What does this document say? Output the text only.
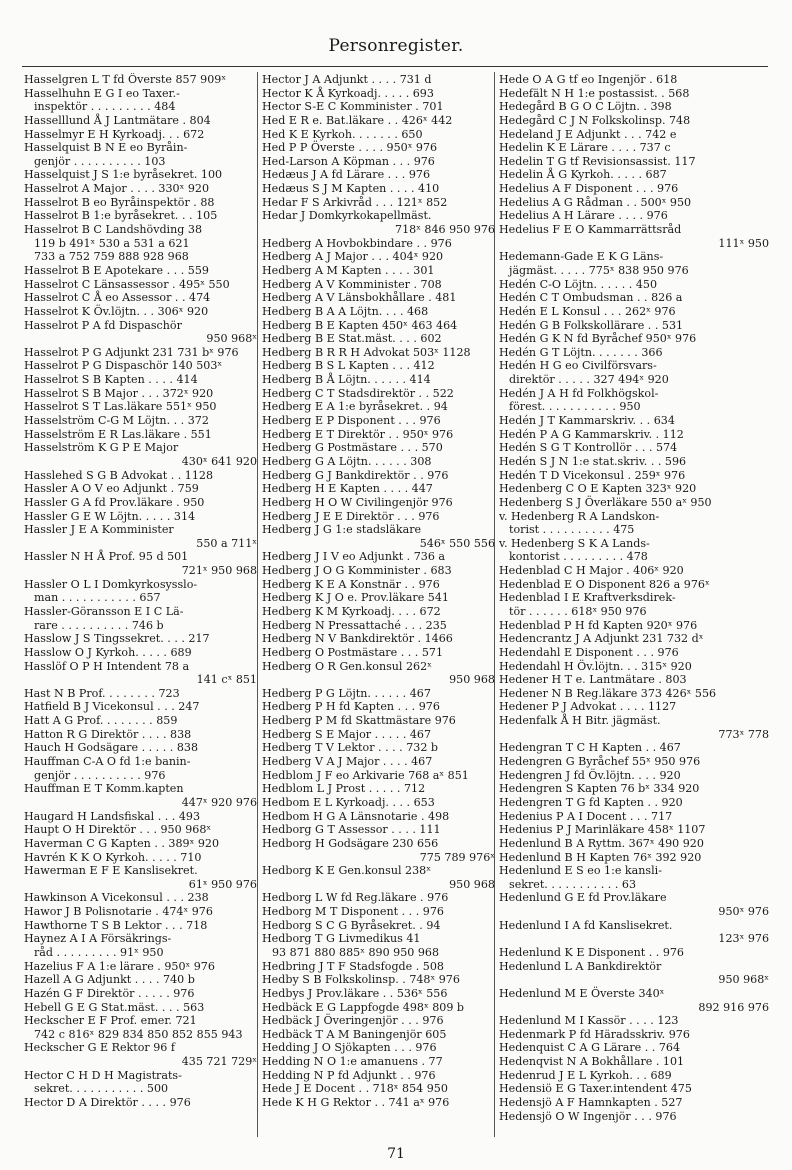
Personregister.
Hasselgren L T fd Överste 857 909ˣ
Hasselhuhn E G I eo Taxer.-
inspektör . . . . . . . . . 484
Hasselllund Å J Lantmätare . 804
Hasselmyr E H Kyrkoadj. . . 672
Hasselquist B N E eo Byråin-
genjör . . . . . . . . . . 103
Hasselquist J S 1:e byråsekret. 100
Hasselrot A Major . . . . 330ˣ 920
Hasselrot B eo Byråinspektör . 88
Hasselrot B 1:e byråsekret. . . 105
Hasselrot B C Landshövding 38
119 b 491ˣ 530 a 531 a 621
733 a 752 759 888 928 968
Hasselrot B E Apotekare . . . 559
Hasselrot C Länsassessor . 495ˣ 550
Hasselrot C Å eo Assessor . . 474
Hasselrot K Öv.löjtn. . . 306ˣ 920
Hasselrot P A fd Dispaschör
950 968ˣ
Hasselrot P G Adjunkt 231 731 bˣ 976
Hasselrot P G Dispaschör 140 503ˣ
Hasselrot S B Kapten . . . . 414
Hasselrot S B Major . . . 372ˣ 920
Hasselrot S T Las.läkare 551ˣ 950
Hasselström C-G M Löjtn. . . 372
Hasselström E R Las.läkare . 551
Hasselström K G P E Major
430ˣ 641 920
Hasslehed S G B Advokat . . 1128
Hassler A O V eo Adjunkt . 759
Hassler G A fd Prov.läkare . 950
Hassler G E W Löjtn. . . . . 314
Hassler J E A Komminister
550 a 711ˣ
Hassler N H Å Prof. 95 d 501
721ˣ 950 968
Hassler O L I Domkyrkosysslo-
man . . . . . . . . . . . 657
Hassler-Göransson E I C Lä-
rare . . . . . . . . . . 746 b
Hasslow J S Tingssekret. . . . 217
Hasslow O J Kyrkoh. . . . . 689
Hasslöf O P H Intendent 78 a
141 cˣ 851
Hast N B Prof. . . . . . . . 723
Hatfield B J Vicekonsul . . . 247
Hatt A G Prof. . . . . . . . 859
Hatton R G Direktör . . . . 838
Hauch H Godsägare . . . . . 838
Hauffman C-A O fd 1:e banin-
genjör . . . . . . . . . . 976
Hauffman E T Komm.kapten
447ˣ 920 976
Haugard H Landsfiskal . . . 493
Haupt O H Direktör . . . 950 968ˣ
Haverman C G Kapten . . 389ˣ 920
Havrén K K O Kyrkoh. . . . . 710
Hawerman E F E Kanslisekret.
61ˣ 950 976
Hawkinson A Vicekonsul . . . 238
Hawor J B Polisnotarie . 474ˣ 976
Hawthorne T S B Lektor . . . 718
Haynez A I A Försäkrings-
råd . . . . . . . . . 91ˣ 950
Hazelius F A 1:e lärare . 950ˣ 976
Hazell A G Adjunkt . . . . 740 b
Hazén G F Direktör . . . . . 976
Hebell G E G Stat.mäst. . . . 563
Heckscher E F Prof. emer. 721
742 c 816ˣ 829 834 850 852 855 943
Heckscher G E Rektor 96 f
435 721 729ˣ
Hector C H D H Magistrats-
sekret. . . . . . . . . . . 500
Hector D A Direktör . . . . 976
Hector J A Adjunkt . . . . 731 d
Hector K Å Kyrkoadj. . . . . 693
Hector S-E C Komminister . 701
Hed E R e. Bat.läkare . . 426ˣ 442
Hed K E Kyrkoh. . . . . . . 650
Hed P P Överste . . . . 950ˣ 976
Hed-Larson A Köpman . . . 976
Hedæus J A fd Lärare . . . 976
Hedæus S J M Kapten . . . . 410
Hedar F S Arkivråd . . . 121ˣ 852
Hedar J Domkyrkokapellmäst.
718ˣ 846 950 976
Hedberg A Hovbokbindare . . 976
Hedberg A J Major . . . 404ˣ 920
Hedberg A M Kapten . . . . 301
Hedberg A V Komminister . 708
Hedberg A V Länsbokhållare . 481
Hedberg B A A Löjtn. . . . 468
Hedberg B E Kapten 450ˣ 463 464
Hedberg B E Stat.mäst. . . . 602
Hedberg B R R H Advokat 503ˣ 1128
Hedberg B S L Kapten . . . 412
Hedberg B Å Löjtn. . . . . . 414
Hedberg C T Stadsdirektör . . 522
Hedberg E A 1:e byråsekret. . 94
Hedberg E P Disponent . . . 976
Hedberg E T Direktör . . 950ˣ 976
Hedberg G Postmästare . . . 570
Hedberg G A Löjtn. . . . . . 308
Hedberg G J Bankdirektör . . 976
Hedberg H E Kapten . . . . 447
Hedberg H O W Civilingenjör 976
Hedberg J E E Direktör . . . 976
Hedberg J G 1:e stadsläkare
546ˣ 550 556
Hedberg J I V eo Adjunkt . 736 a
Hedberg J O G Komminister . 683
Hedberg K E A Konstnär . . 976
Hedberg K J O e. Prov.läkare 541
Hedberg K M Kyrkoadj. . . . 672
Hedberg N Pressattaché . . . 235
Hedberg N V Bankdirektör . 1466
Hedberg O Postmästare . . . 571
Hedberg O R Gen.konsul 262ˣ
950 968
Hedberg P G Löjtn. . . . . . 467
Hedberg P H fd Kapten . . . 976
Hedberg P M fd Skattmästare 976
Hedberg S E Major . . . . . 467
Hedberg T V Lektor . . . . 732 b
Hedberg V A J Major . . . . 467
Hedblom J F eo Arkivarie 768 aˣ 851
Hedblom L J Prost . . . . . 712
Hedbom E L Kyrkoadj. . . . 653
Hedbom H G A Länsnotarie . 498
Hedborg G T Assessor . . . . 111
Hedborg H Godsägare 230 656
775 789 976ˣ
Hedborg K E Gen.konsul 238ˣ
950 968
Hedborg L W fd Reg.läkare . 976
Hedborg M T Disponent . . . 976
Hedborg S C G Byråsekret. . 94
Hedborg T G Livmedikus 41
93 871 880 885ˣ 890 950 968
Hedbring J T F Stadsfogde . 508
Hedby S B Folkskolinsp. . 748ˣ 976
Hedbys J Prov.läkare . . 536ˣ 556
Hedbäck E G Lappfogde 498ˣ 809 b
Hedbäck J Överingenjör . . . 976
Hedbäck T A M Baningenjör 605
Hedding J O Sjökapten . . . 976
Hedding N O 1:e amanuens . 77
Hedding N P fd Adjunkt . . 976
Hede J E Docent . . 718ˣ 854 950
Hede K H G Rektor . . 741 aˣ 976
Hede O A G tf eo Ingenjör . 618
Hedefält N H 1:e postassist. . 568
Hedegård B G O C Löjtn. . 398
Hedegård C J N Folkskolinsp. 748
Hedeland J E Adjunkt . . . 742 e
Hedelin K E Lärare . . . . 737 c
Hedelin T G tf Revisionsassist. 117
Hedelin Å G Kyrkoh. . . . . 687
Hedelius A F Disponent . . . 976
Hedelius A G Rådman . . 500ˣ 950
Hedelius A H Lärare . . . . 976
Hedelius F E O Kammarrättsråd
111ˣ 950
Hedemann-Gade E K G Läns-
jägmäst. . . . . 775ˣ 838 950 976
Hedén C-O Löjtn. . . . . . 450
Hedén C T Ombudsman . . 826 a
Hedén E L Konsul . . . 262ˣ 976
Hedén G B Folkskollärare . . 531
Hedén G K N fd Byråchef 950ˣ 976
Hedén G T Löjtn. . . . . . . 366
Hedén H G eo Civilförsvars-
direktör . . . . . 327 494ˣ 920
Hedén J A H fd Folkhögskol-
förest. . . . . . . . . . . 950
Hedén J T Kammarskriv. . . 634
Hedén P A G Kammarskriv. . 112
Hedén S G T Kontrollör . . . 574
Hedén S J N 1:e stat.skriv. . . 596
Hedén T D Vicekonsul . 259ˣ 976
Hedenberg C O E Kapten 323ˣ 920
Hedenberg S J Överläkare 550 aˣ 950
v. Hedenberg R A Landskon-
torist . . . . . . . . . . 475
v. Hedenberg S K A Lands-
kontorist . . . . . . . . . 478
Hedenblad C H Major . 406ˣ 920
Hedenblad E O Disponent 826 a 976ˣ
Hedenblad I E Kraftverksdirek-
tör . . . . . . 618ˣ 950 976
Hedenblad P H fd Kapten 920ˣ 976
Hedencrantz J A Adjunkt 231 732 dˣ
Hedendahl E Disponent . . . 976
Hedendahl H Öv.löjtn. . . 315ˣ 920
Hedener H T e. Lantmätare . 803
Hedener N B Reg.läkare 373 426ˣ 556
Hedener P J Advokat . . . . 1127
Hedenfalk Å H Bitr. jägmäst.
773ˣ 778
Hedengran T C H Kapten . . 467
Hedengren G Byråchef 55ˣ 950 976
Hedengren J fd Öv.löjtn. . . . 920
Hedengren S Kapten 76 bˣ 334 920
Hedengren T G fd Kapten . . 920
Hedenius P A I Docent . . . 717
Hedenius P J Marinläkare 458ˣ 1107
Hedenlund B A Ryttm. 367ˣ 490 920
Hedenlund B H Kapten 76ˣ 392 920
Hedenlund E S eo 1:e kansli-
sekret. . . . . . . . . . . 63
Hedenlund G E fd Prov.läkare
950ˣ 976
Hedenlund I A fd Kanslisekret.
123ˣ 976
Hedenlund K E Disponent . . 976
Hedenlund L A Bankdirektör
950 968ˣ
Hedenlund M E Överste 340ˣ
892 916 976
Hedenlund M I Kassör . . . . 123
Hedenmark P fd Häradsskriv. 976
Hedenquist C A G Lärare . . 764
Hedenqvist N A Bokhållare . 101
Hedenrud J E L Kyrkoh. . . 689
Hedensiö E G Taxer.intendent 475
Hedensjö A F Hamnkapten . 527
Hedensjö O W Ingenjör . . . 976
71
